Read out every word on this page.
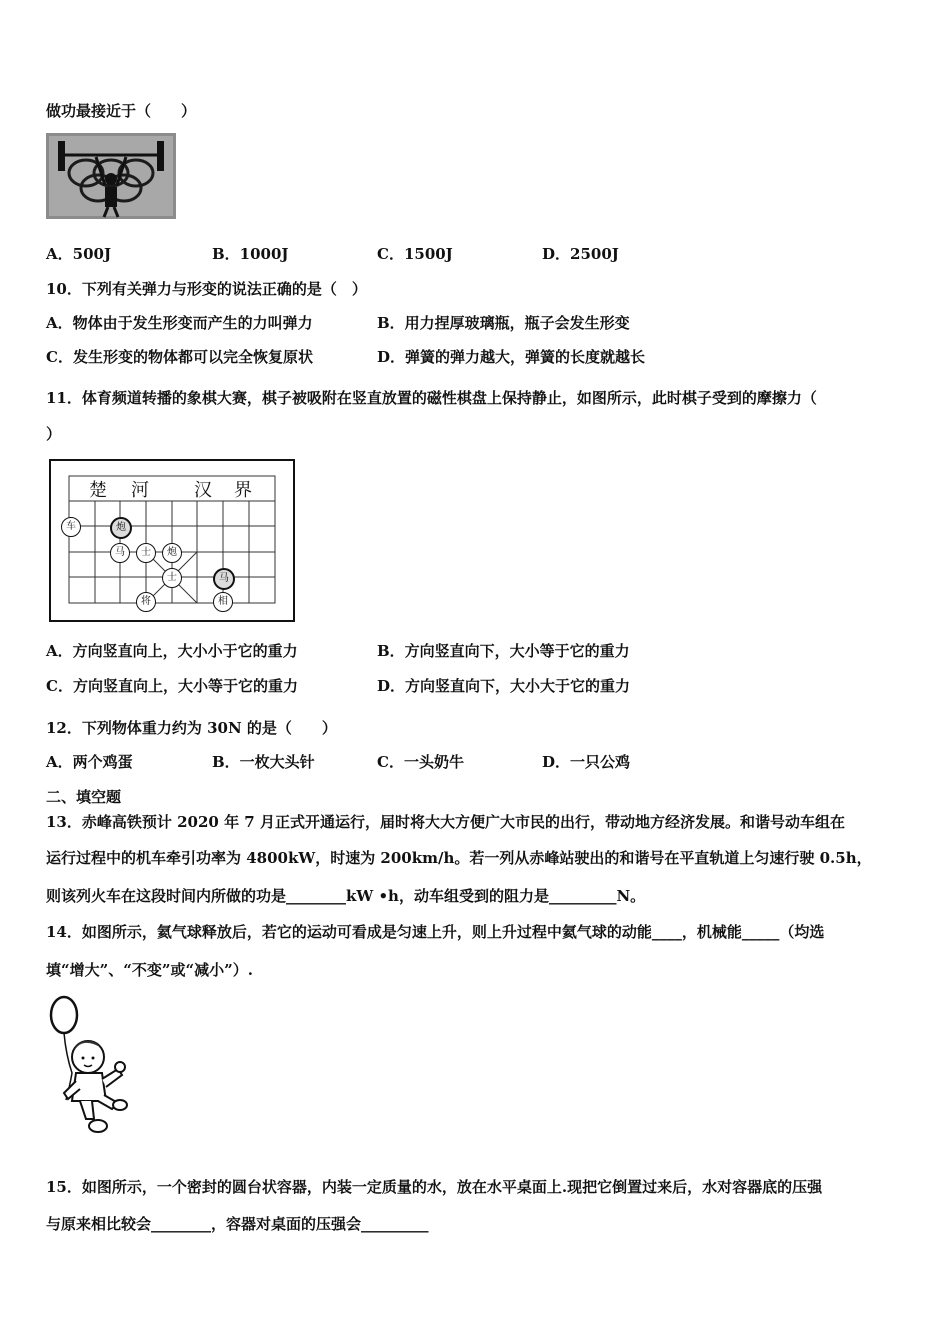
做功最接近于（　　）
A．500J	B．1000J	C．1500J	D．2500J
10．下列有关弹力与形变的说法正确的是（　）
A．物体由于发生形变而产生的力叫弹力	B．用力捏厚玻璃瓶，瓶子会发生形变
C．发生形变的物体都可以完全恢复原状	D．弹簧的弹力越大，弹簧的长度就越长
11．体育频道转播的象棋大赛，棋子被吸附在竖直放置的磁性棋盘上保持静止，如图所示，此时棋子受到的摩擦力（
）
楚 河	汉 界
车	炮
马	士	炮
士	马
将	相
A．方向竖直向上，大小小于它的重力	B．方向竖直向下，大小等于它的重力
C．方向竖直向上，大小等于它的重力	D．方向竖直向下，大小大于它的重力
12．下列物体重力约为 30N 的是（　　）
A．两个鸡蛋	B．一枚大头针	C．一头奶牛	D．一只公鸡
二、填空题
13．赤峰高铁预计 2020 年 7 月正式开通运行，届时将大大方便广大市民的出行，带动地方经济发展。和谐号动车组在
运行过程中的机车牵引功率为 4800kW，时速为 200km/h。若一列从赤峰站驶出的和谐号在平直轨道上匀速行驶 0.5h，
则该列火车在这段时间内所做的功是________kW •h，动车组受到的阻力是_________N。
14．如图所示，氦气球释放后，若它的运动可看成是匀速上升，则上升过程中氦气球的动能____，机械能_____（均选
填“增大”、“不变”或“减小”）.
15．如图所示，一个密封的圆台状容器，内装一定质量的水，放在水平桌面上.现把它倒置过来后，水对容器底的压强
与原来相比较会________，容器对桌面的压强会_________
